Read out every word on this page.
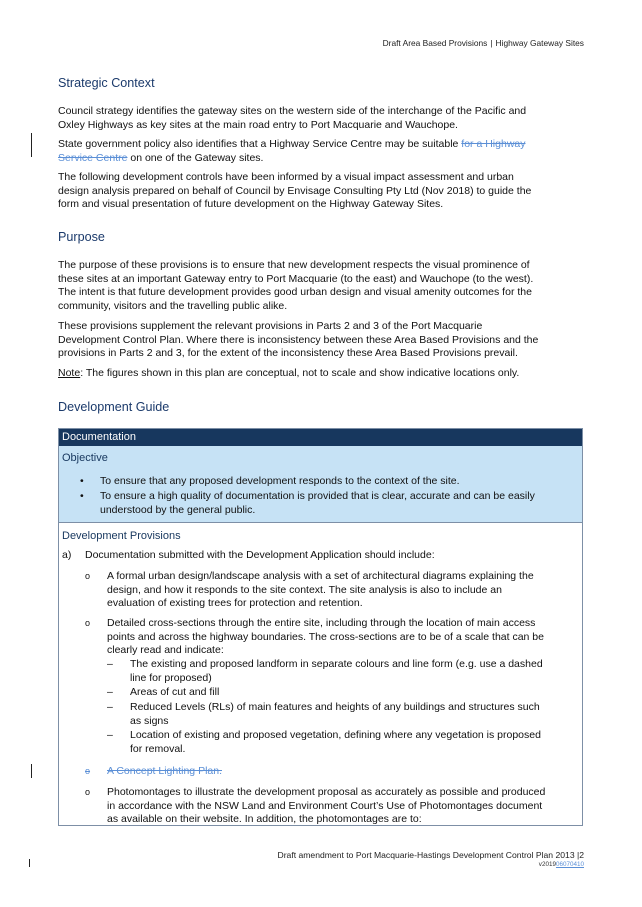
Draft Area Based Provisions | Highway Gateway Sites
Strategic Context
Council strategy identifies the gateway sites on the western side of the interchange of the Pacific and
Oxley Highways as key sites at the main road entry to Port Macquarie and Wauchope.
State government policy also identifies that a Highway Service Centre may be suitable for a Highway
Service Centre on one of the Gateway sites.
The following development controls have been informed by a visual impact assessment and urban
design analysis prepared on behalf of Council by Envisage Consulting Pty Ltd (Nov 2018) to guide the
form and visual presentation of future development on the Highway Gateway Sites.
Purpose
The purpose of these provisions is to ensure that new development respects the visual prominence of
these sites at an important Gateway entry to Port Macquarie (to the east) and Wauchope (to the west).
The intent is that future development provides good urban design and visual amenity outcomes for the
community, visitors and the travelling public alike.
These provisions supplement the relevant provisions in Parts 2 and 3 of the Port Macquarie
Development Control Plan. Where there is inconsistency between these Area Based Provisions and the
provisions in Parts 2 and 3, for the extent of the inconsistency these Area Based Provisions prevail.
Note: The figures shown in this plan are conceptual, not to scale and show indicative locations only.
Development Guide
Documentation
Objective
• To ensure that any proposed development responds to the context of the site.
• To ensure a high quality of documentation is provided that is clear, accurate and can be easily
understood by the general public.
Development Provisions
a) Documentation submitted with the Development Application should include:
o A formal urban design/landscape analysis with a set of architectural diagrams explaining the
design, and how it responds to the site context. The site analysis is also to include an
evaluation of existing trees for protection and retention.
o Detailed cross-sections through the entire site, including through the location of main access
points and across the highway boundaries. The cross-sections are to be of a scale that can be
clearly read and indicate:
– The existing and proposed landform in separate colours and line form (e.g. use a dashed
line for proposed)
– Areas of cut and fill
– Reduced Levels (RLs) of main features and heights of any buildings and structures such
as signs
– Location of existing and proposed vegetation, defining where any vegetation is proposed
for removal.
o A Concept Lighting Plan.
o Photomontages to illustrate the development proposal as accurately as possible and produced
in accordance with the NSW Land and Environment Court’s Use of Photomontages document
as available on their website. In addition, the photomontages are to:
Draft amendment to Port Macquarie-Hastings Development Control Plan 2013 |2
v201906070410
